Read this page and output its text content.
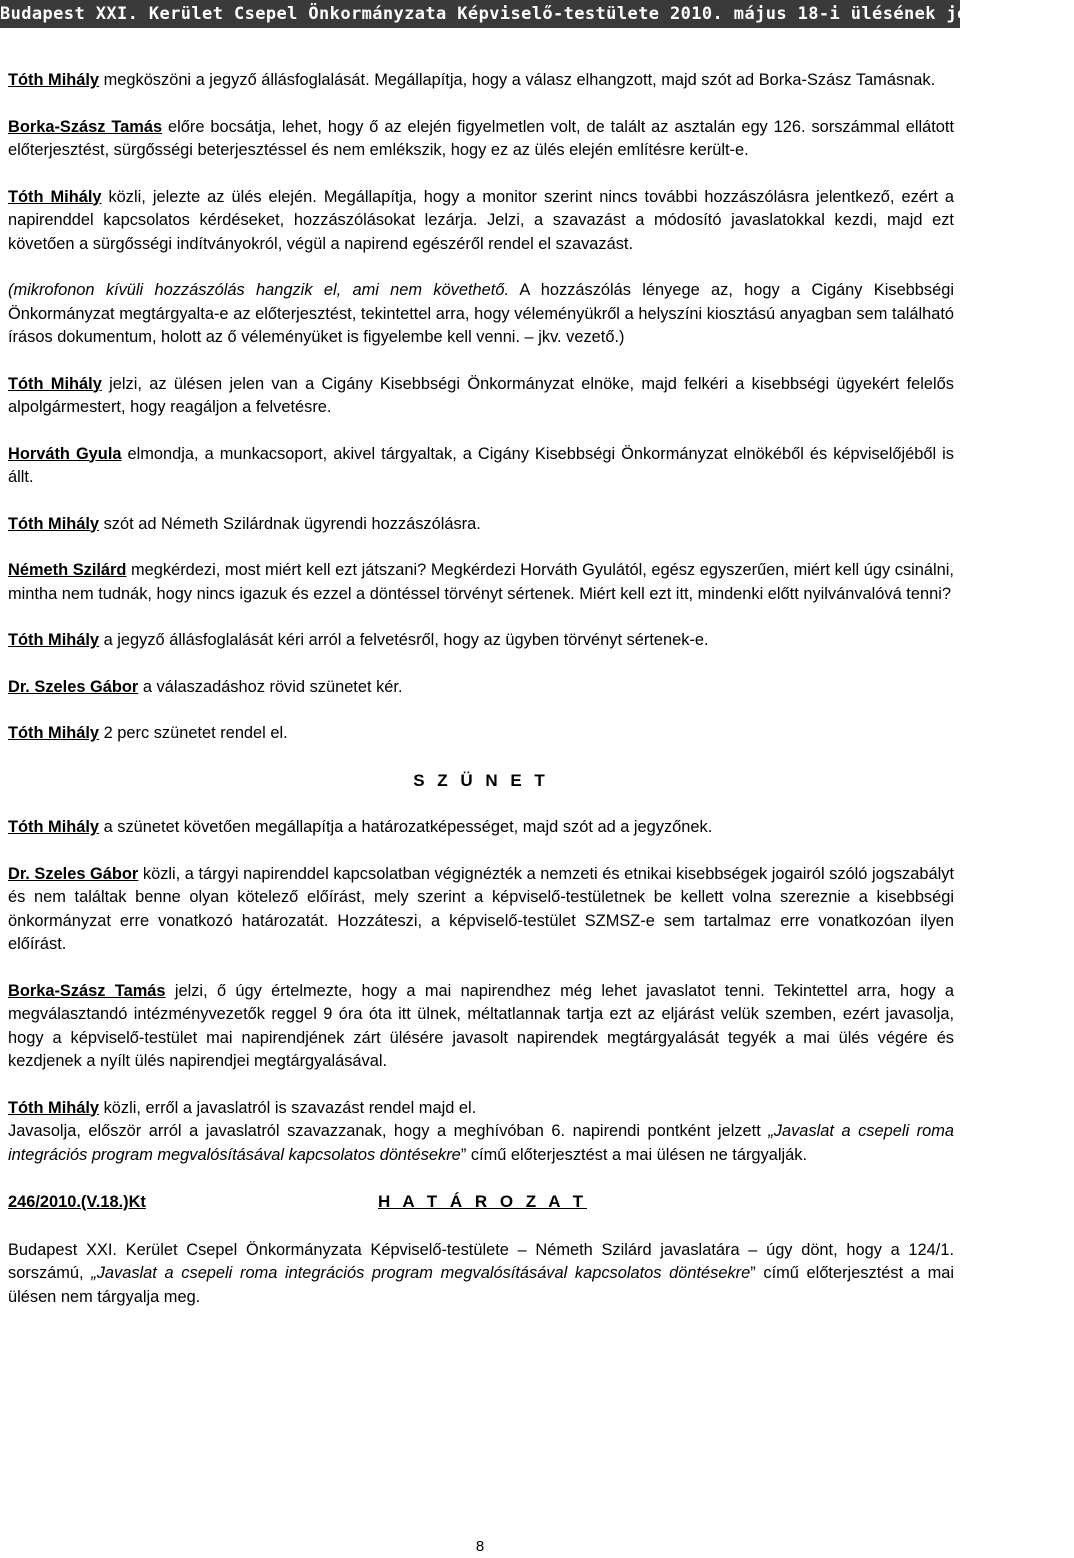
Budapest XXI. Kerület Csepel Önkormányzata Képviselő-testülete 2010. május 18-i ülésének jegyzőkönyve

Tóth Mihály megköszöni a jegyző állásfoglalását. Megállapítja, hogy a válasz elhangzott, majd szót ad Borka-Szász Tamásnak.

Borka-Szász Tamás előre bocsátja, lehet, hogy ő az elején figyelmetlen volt, de talált az asztalán egy 126. sorszámmal ellátott előterjesztést, sürgősségi beterjesztéssel és nem emlékszik, hogy ez az ülés elején említésre került-e.

Tóth Mihály közli, jelezte az ülés elején. Megállapítja, hogy a monitor szerint nincs további hozzászólásra jelentkező, ezért a napirenddel kapcsolatos kérdéseket, hozzászólásokat lezárja. Jelzi, a szavazást a módosító javaslatokkal kezdi, majd ezt követően a sürgősségi indítványokról, végül a napirend egészéről rendel el szavazást.

(mikrofonon kívüli hozzászólás hangzik el, ami nem követhető. A hozzászólás lényege az, hogy a Cigány Kisebbségi Önkormányzat megtárgyalta-e az előterjesztést, tekintettel arra, hogy véleményükről a helyszíni kiosztású anyagban sem található írásos dokumentum, holott az ő véleményüket is figyelembe kell venni. – jkv. vezető.)

Tóth Mihály jelzi, az ülésen jelen van a Cigány Kisebbségi Önkormányzat elnöke, majd felkéri a kisebbségi ügyekért felelős alpolgármestert, hogy reagáljon a felvetésre.

Horváth Gyula elmondja, a munkacsoport, akivel tárgyaltak, a Cigány Kisebbségi Önkormányzat elnökéből és képviselőjéből is állt.

Tóth Mihály szót ad Németh Szilárdnak ügyrendi hozzászólásra.

Németh Szilárd megkérdezi, most miért kell ezt játszani? Megkérdezi Horváth Gyulától, egész egyszerűen, miért kell úgy csinálni, mintha nem tudnák, hogy nincs igazuk és ezzel a döntéssel törvényt sértenek. Miért kell ezt itt, mindenki előtt nyilvánvalóvá tenni?

Tóth Mihály a jegyző állásfoglalását kéri arról a felvetésről, hogy az ügyben törvényt sértenek-e.

Dr. Szeles Gábor a válaszadáshoz rövid szünetet kér.

Tóth Mihály 2 perc szünetet rendel el.

S Z Ü N E T

Tóth Mihály a szünetet követően megállapítja a határozatképességet, majd szót ad a jegyzőnek.

Dr. Szeles Gábor közli, a tárgyi napirenddel kapcsolatban végignézték a nemzeti és etnikai kisebbségek jogairól szóló jogszabályt és nem találtak benne olyan kötelező előírást, mely szerint a képviselő-testületnek be kellett volna szereznie a kisebbségi önkormányzat erre vonatkozó határozatát. Hozzáteszi, a képviselő-testület SZMSZ-e sem tartalmaz erre vonatkozóan ilyen előírást.

Borka-Szász Tamás jelzi, ő úgy értelmezte, hogy a mai napirendhez még lehet javaslatot tenni. Tekintettel arra, hogy a megválasztandó intézményvezetők reggel 9 óra óta itt ülnek, méltatlannak tartja ezt az eljárást velük szemben, ezért javasolja, hogy a képviselő-testület mai napirendjének zárt ülésére javasolt napirendek megtárgyalását tegyék a mai ülés végére és kezdjenek a nyílt ülés napirendjei megtárgyalásával.

Tóth Mihály közli, erről a javaslatról is szavazást rendel majd el.

Javasolja, először arról a javaslatról szavazzanak, hogy a meghívóban 6. napirendi pontként jelzett „Javaslat a csepeli roma integrációs program megvalósításával kapcsolatos döntésekre” című előterjesztést a mai ülésen ne tárgyalják.

246/2010.(V.18.)Kt	H A T Á R O Z A T

Budapest XXI. Kerület Csepel Önkormányzata Képviselő-testülete – Németh Szilárd javaslatára – úgy dönt, hogy a 124/1. sorszámú, „Javaslat a csepeli roma integrációs program megvalósításával kapcsolatos döntésekre” című előterjesztést a mai ülésen nem tárgyalja meg.

8
